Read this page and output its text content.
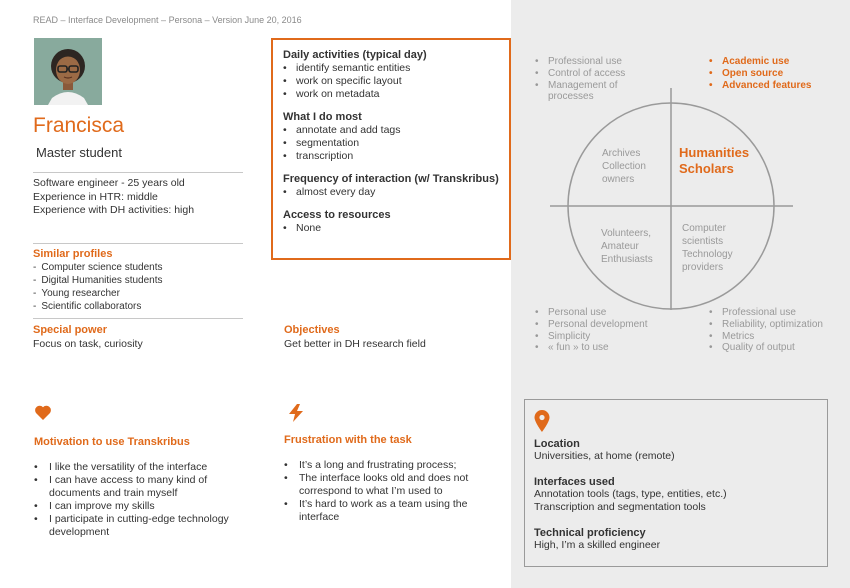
READ – Interface Development – Persona – Version June 20, 2016
Francisca
Master student
Software engineer - 25 years old
Experience in HTR: middle
Experience with DH activities: high
Similar profiles
- Computer science students
- Digital Humanities students
- Young researcher
- Scientific collaborators
Special power
Focus on task, curiosity
Objectives
Get better in DH research field
Daily activities (typical day)
• identify semantic entities
• work on specific layout
• work on metadata
What I do most
• annotate and add tags
• segmentation
• transcription
Frequency of interaction (w/ Transkribus)
• almost every day
Access to resources
• None
Motivation to use Transkribus
• I like the versatility of the interface
• I can have access to many kind of documents and train myself
• I can improve my skills
• I participate in cutting-edge technology development
Frustration with the task
• It’s a long and frustrating process;
• The interface looks old and does not correspond to what I’m used to
• It’s hard to work as a team using the interface
• Professional use
• Control of access
• Management of processes
• Academic use
• Open source
• Advanced features
Archives Collection owners
Humanities Scholars
Volunteers, Amateur Enthusiasts
Computer scientists Technology providers
• Personal use
• Personal development
• Simplicity
• « fun » to use
• Professional use
• Reliability, optimization
• Metrics
• Quality of output
Location
Universities, at home (remote)
Interfaces used
Annotation tools (tags, type, entities, etc.)
Transcription and segmentation tools
Technical proficiency
High, I’m a skilled engineer
